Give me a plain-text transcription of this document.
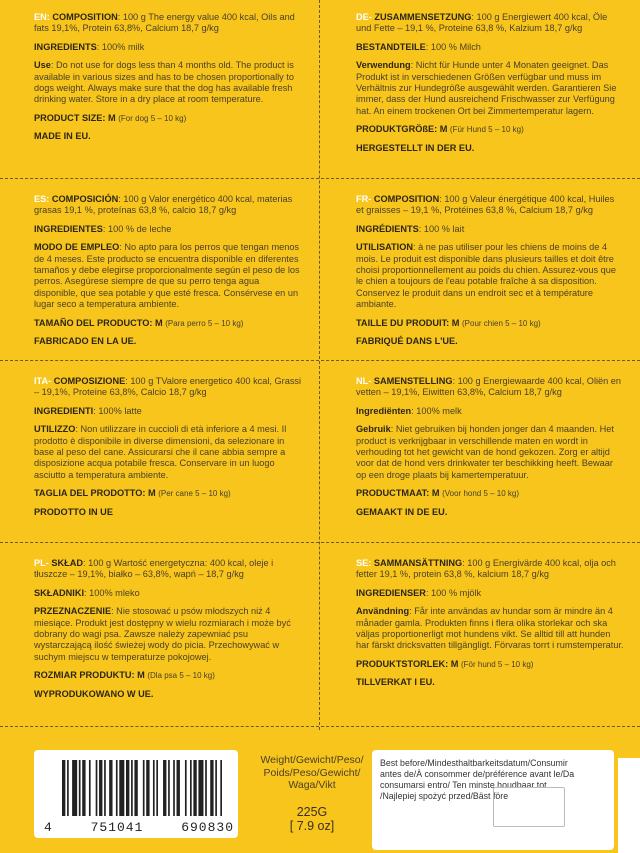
EN: COMPOSITION: 100 g The energy value 400 kcal, Oils and fats 19,1%, Protein 63,8%, Calcium 18,7 g/kg
INGREDIENTS: 100% milk
Use: Do not use for dogs less than 4 months old. The product is available in various sizes and has to be chosen proportionally to dogs weight. Always make sure that the dog has available fresh drinking water. Store in a dry place at room temperature.
PRODUCT SIZE: M (For dog 5 – 10 kg)
MADE IN EU.
DE- ZUSAMMENSETZUNG: 100 g Energiewert 400 kcal, Öle und Fette – 19,1 %, Proteine 63,8 %, Kalzium 18,7 g/kg
BESTANDTEILE: 100 % Milch
Verwendung: Nicht für Hunde unter 4 Monaten geeignet. Das Produkt ist in verschiedenen Größen verfügbar und muss im Verhältnis zur Hundegröße ausgewählt werden. Garantieren Sie immer, dass der Hund ausreichend Frischwasser zur Verfügung hat. An einem trockenen Ort bei Zimmertemperatur lagern.
PRODUKTGRÖßE: M (Für Hund 5 – 10 kg)
HERGESTELLT IN DER EU.
ES: COMPOSICIÓN: 100 g Valor energético 400 kcal, materias grasas 19,1 %, proteínas 63,8 %, calcio 18,7 g/kg
INGREDIENTES: 100 % de leche
MODO DE EMPLEO: No apto para los perros que tengan menos de 4 meses. Este producto se encuentra disponible en diferentes tamaños y debe elegirse proporcionalmente según el peso de los perros. Asegúrese siempre de que su perro tenga agua disponible, que sea potable y que esté fresca. Consérvese en un lugar seco a temperatura ambiente.
TAMAÑO DEL PRODUCTO: M (Para perro 5 – 10 kg)
FABRICADO EN LA UE.
FR- COMPOSITION: 100 g Valeur énergétique 400 kcal, Huiles et graisses – 19,1 %, Protéines 63,8 %, Calcium 18,7 g/kg
INGRÉDIENTS: 100 % lait
UTILISATION: à ne pas utiliser pour les chiens de moins de 4 mois. Le produit est disponible dans plusieurs tailles et doit être choisi proportionnellement au poids du chien. Assurez-vous que le chien a toujours de l'eau potable fraîche à sa disposition. Conservez le produit dans un endroit sec et à température ambiante.
TAILLE DU PRODUIT: M (Pour chien 5 – 10 kg)
FABRIQUÉ DANS L'UE.
ITA- COMPOSIZIONE: 100 g TValore energetico 400 kcal, Grassi – 19,1%, Proteine 63,8%, Calcio 18,7 g/kg
INGREDIENTI: 100% latte
UTILIZZO: Non utilizzare in cuccioli di età inferiore a 4 mesi. Il prodotto è disponibile in diverse dimensioni, da selezionare in base al peso del cane. Assicurarsi che il cane abbia sempre a disposizione acqua potabile fresca. Conservare in un luogo asciutto a temperatura ambiente.
TAGLIA DEL PRODOTTO: M (Per cane 5 – 10 kg)
PRODOTTO IN UE
NL- SAMENSTELLING: 100 g Energiewaarde 400 kcal, Oliën en vetten – 19,1%, Eiwitten 63,8%, Calcium 18,7 g/kg
Ingrediënten: 100% melk
Gebruik: Niet gebruiken bij honden jonger dan 4 maanden. Het product is verkrijgbaar in verschillende maten en wordt in verhouding tot het gewicht van de hond gekozen. Zorg er altijd voor dat de hond vers drinkwater ter beschikking heeft. Bewaar op een droge plaats bij kamertemperatuur.
PRODUCTMAAT: M (Voor hond 5 – 10 kg)
GEMAAKT IN DE EU.
PL- SKŁAD: 100 g Wartość energetyczna: 400 kcal, oleje i tłuszcze – 19,1%, białko – 63,8%, wapń – 18,7 g/kg
SKŁADNIKI: 100% mleko
PRZEZNACZENIE: Nie stosować u psów młodszych niż 4 miesiące. Produkt jest dostępny w wielu rozmiarach i może być dobrany do wagi psa. Zawsze należy zapewniać psu wystarczającą ilość świeżej wody do picia. Przechowywać w suchym miejscu w temperaturze pokojowej.
ROZMIAR PRODUKTU: M (Dla psa 5 – 10 kg)
WYPRODUKOWANO W UE.
SE: SAMMANSÄTTNING: 100 g Energivärde 400 kcal, olja och fetter 19,1 %, protein 63,8 %, kalcium 18,7 g/kg
INGREDIENSER: 100 % mjölk
Användning: Får inte användas av hundar som är mindre än 4 månader gamla. Produkten finns i flera olika storlekar och ska väljas proportionerligt mot hundens vikt. Se alltid till att hunden har färskt dricksvatten tillgängligt. Förvaras torrt i rumstemperatur.
PRODUKTSTORLEK: M (För hund 5 – 10 kg)
TILLVERKAT I EU.
4	751041	690830
Weight/Gewicht/Peso/ Poids/Peso/Gewicht/ Waga/Vikt
225G
[ 7.9 oz]
Best before/Mindesthaltbarkeitsdatum/Consumir antes de/À consommer de/préférence avant le/Da consumarsi entro/ Ten minste houdbaar tot /Najlepiej spożyć przed/Bäst före
